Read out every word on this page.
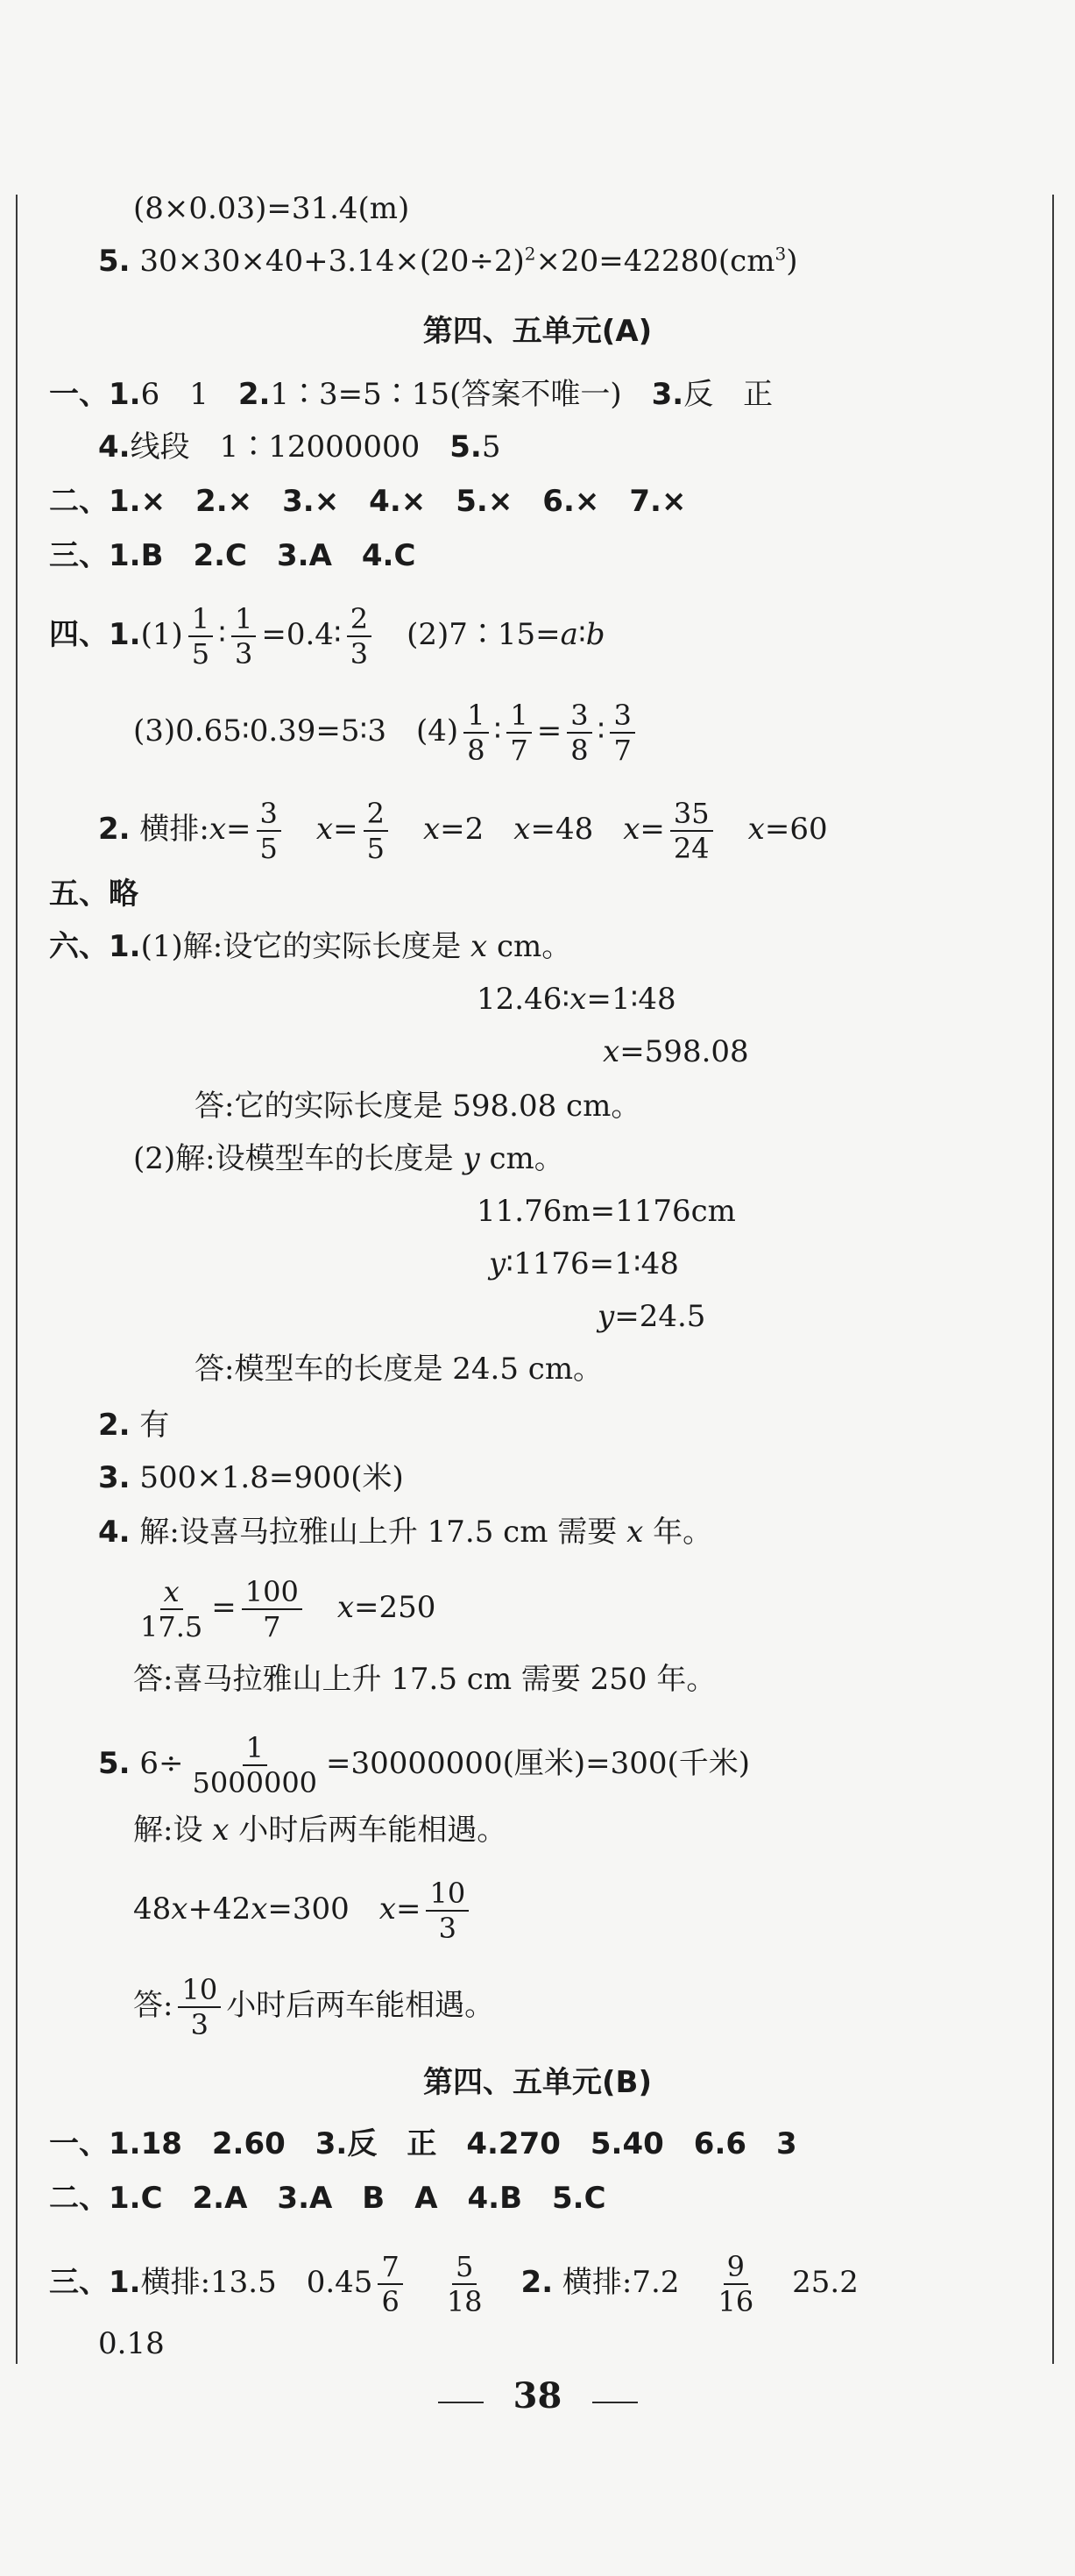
(8×0.03)=31.4(m)
5. $30\times 30\times 40+3.14\times(20\div 2)^2\times 20=42280(cm^3)$
第四、五单元(A)
一、1.6　1　2.1∶3=5∶15(答案不唯一)　3.反　正
4.线段　1∶12000000　5.5
二、1.×　2.×　3.×　4.×　5.×　6.×　7.×
三、1.B　2.C　3.A　4.C
四、$1.(1) \frac{1}{5}$ ∶ $\frac{1}{3}$ =0.4∶ $\frac{2}{3}$
　 (2)7∶15=a∶b
(3)0.65∶0.39=5∶3　$(4) \frac{1}{8}$ ∶ $\frac{1}{7} = \frac{3}{8}$ ∶ $\frac{3}{7}$
2. 横排:x= $\frac{3}{5}$
　 $x= \frac{2}{5}$
　 x=2　 x=48　 $x= \frac{35}{24}$
　 x=60
五、略
六、1.(1)解:设它的实际长度是 x cm。
12.46∶x=1∶48
x=598.08
答:它的实际长度是 598.08 cm。
(2)解:设模型车的长度是 y cm。
11.76m=1176cm
y∶1176=1∶48
y=24.5
答:模型车的长度是 24.5 cm。
2. 有
3. 500×1.8=900(米)
4. 解:设喜马拉雅山上升 17.5 cm 需要 x 年。
$\frac{x}{17.5} = \frac{100}{7}$
　 x=250
答:喜马拉雅山上升 17.5 cm 需要 250 年。
5. $6\div \frac{1}{5000000} =30000000$(厘米)=300(千米)
解:设 x 小时后两车能相遇。
48x+42x=300　 $x= \frac{10}{3}$
答: $\frac{10}{3}$ 小时后两车能相遇。
第四、五单元(B)
一、1.18　2.60　3.反　正　4.270　5.40　6.6　3
二、1.C　2.A　3.A　B　A　4.B　5.C
三、1.横排:13.5　$0.45 \frac{7}{6}$
　 $\frac{5}{18}$
　 2. 横排:7.2　 $\frac{9}{16}$
　 25.2
0.18
38
